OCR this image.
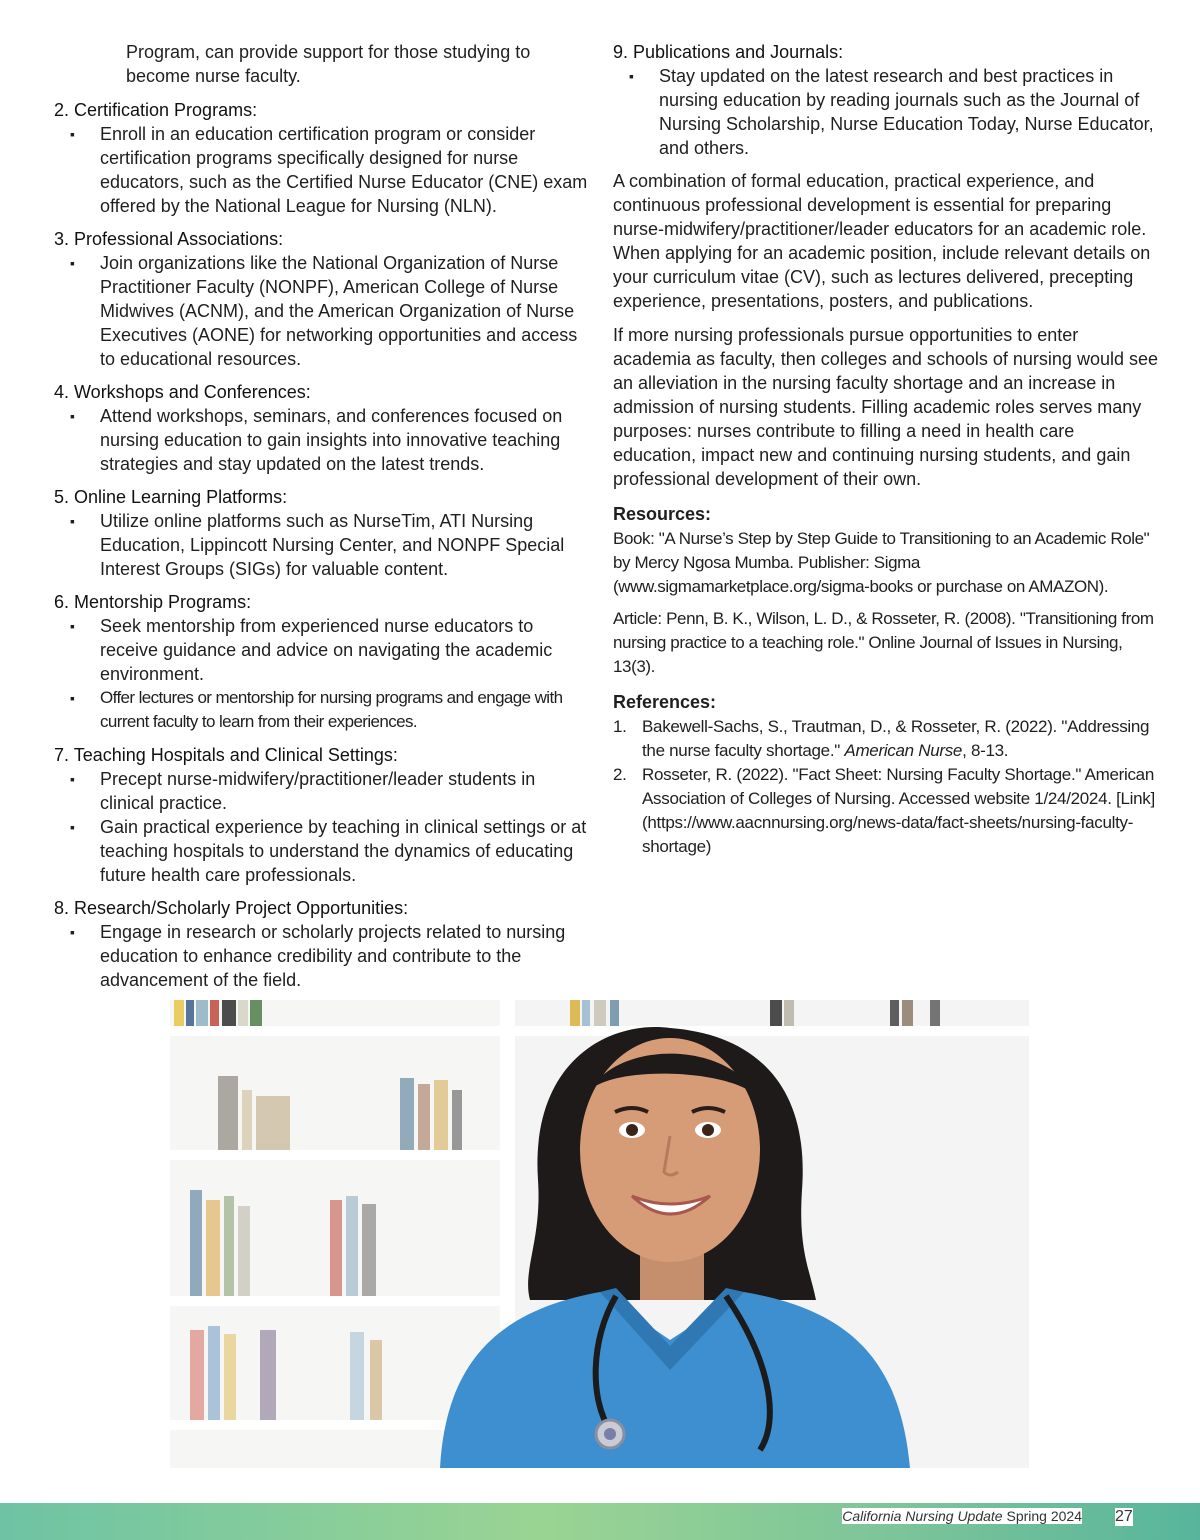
Program, can provide support for those studying to become nurse faculty.

2. Certification Programs:
▪ Enroll in an education certification program or consider certification programs specifically designed for nurse educators, such as the Certified Nurse Educator (CNE) exam offered by the National League for Nursing (NLN).
3. Professional Associations:
▪ Join organizations like the National Organization of Nurse Practitioner Faculty (NONPF), American College of Nurse Midwives (ACNM), and the American Organization of Nurse Executives (AONE) for networking opportunities and access to educational resources.
4. Workshops and Conferences:
▪ Attend workshops, seminars, and conferences focused on nursing education to gain insights into innovative teaching strategies and stay updated on the latest trends.
5. Online Learning Platforms:
▪ Utilize online platforms such as NurseTim, ATI Nursing Education, Lippincott Nursing Center, and NONPF Special Interest Groups (SIGs) for valuable content.
6. Mentorship Programs:
▪ Seek mentorship from experienced nurse educators to receive guidance and advice on navigating the academic environment.
▪ Offer lectures or mentorship for nursing programs and engage with current faculty to learn from their experiences.
7. Teaching Hospitals and Clinical Settings:
▪ Precept nurse-midwifery/practitioner/leader students in clinical practice.
▪ Gain practical experience by teaching in clinical settings or at teaching hospitals to understand the dynamics of educating future health care professionals.
8. Research/Scholarly Project Opportunities:
▪ Engage in research or scholarly projects related to nursing education to enhance credibility and contribute to the advancement of the field.
9. Publications and Journals:
▪ Stay updated on the latest research and best practices in nursing education by reading journals such as the Journal of Nursing Scholarship, Nurse Education Today, Nurse Educator, and others.

A combination of formal education, practical experience, and continuous professional development is essential for preparing nurse-midwifery/practitioner/leader educators for an academic role. When applying for an academic position, include relevant details on your curriculum vitae (CV), such as lectures delivered, precepting experience, presentations, posters, and publications.

If more nursing professionals pursue opportunities to enter academia as faculty, then colleges and schools of nursing would see an alleviation in the nursing faculty shortage and an increase in admission of nursing students. Filling academic roles serves many purposes: nurses contribute to filling a need in health care education, impact new and continuing nursing students, and gain professional development of their own.

Resources:

Book: "A Nurse’s Step by Step Guide to Transitioning to an Academic Role" by Mercy Ngosa Mumba. Publisher: Sigma (www.sigmamarketplace.org/sigma-books or purchase on AMAZON).

Article: Penn, B. K., Wilson, L. D., & Rosseter, R. (2008). "Transitioning from nursing practice to a teaching role." Online Journal of Issues in Nursing, 13(3).

References:
1. Bakewell-Sachs, S., Trautman, D., & Rosseter, R. (2022). "Addressing the nurse faculty shortage." American Nurse, 8-13.
2. Rosseter, R. (2022). "Fact Sheet: Nursing Faculty Shortage." American Association of Colleges of Nursing. Accessed website 1/24/2024. [Link](https://www.aacnnursing.org/news-data/fact-sheets/nursing-faculty-shortage)
California Nursing Update Spring 2024 27
